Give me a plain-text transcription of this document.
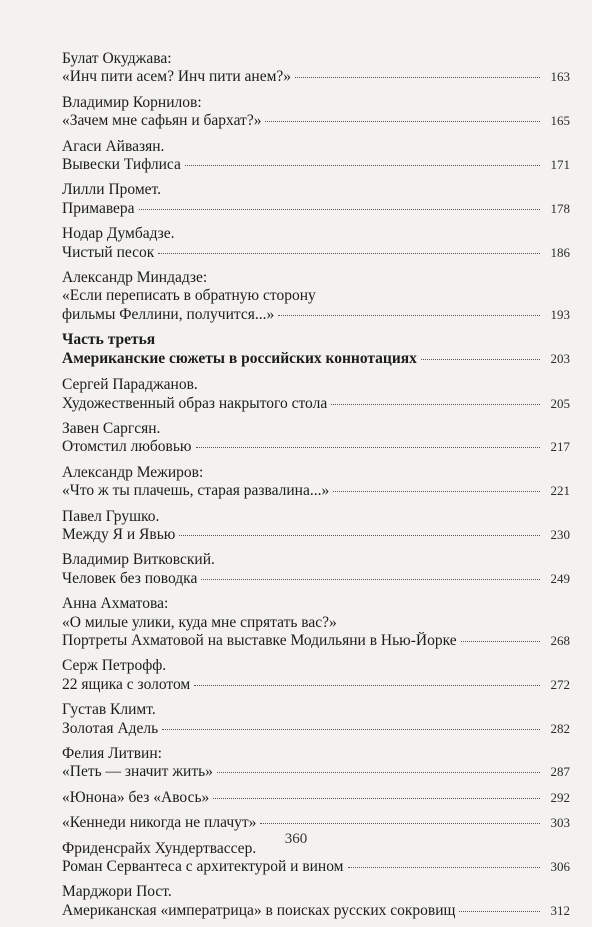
Булат Окуджава:
«Инч пити асем? Инч пити анем?»	163
Владимир Корнилов:
«Зачем мне сафьян и бархат?»	165
Агаси Айвазян.
Вывески Тифлиса	171
Лилли Промет.
Примавера	178
Нодар Думбадзе.
Чистый песок	186
Александр Миндадзе:
«Если переписать в обратную сторону
фильмы Феллини, получится...»	193
Часть третья
Американские сюжеты в российских коннотациях	203
Сергей Параджанов.
Художественный образ накрытого стола	205
Завен Саргсян.
Отомстил любовью	217
Александр Межиров:
«Что ж ты плачешь, старая развалина...»	221
Павел Грушко.
Между Я и Явью	230
Владимир Витковский.
Человек без поводка	249
Анна Ахматова:
«О милые улики, куда мне спрятать вас?»
Портреты Ахматовой на выставке Модильяни в Нью-Йорке	268
Серж Петрофф.
22 ящика с золотом	272
Густав Климт.
Золотая Адель	282
Фелия Литвин:
«Петь — значит жить»	287
«Юнона» без «Авось»	292
«Кеннеди никогда не плачут»	303
Фриденсрайх Хундертвассер.
Роман Сервантеса с архитектурой и вином	306
Марджори Пост.
Американская «императрица» в поисках русских сокровищ	312
360
